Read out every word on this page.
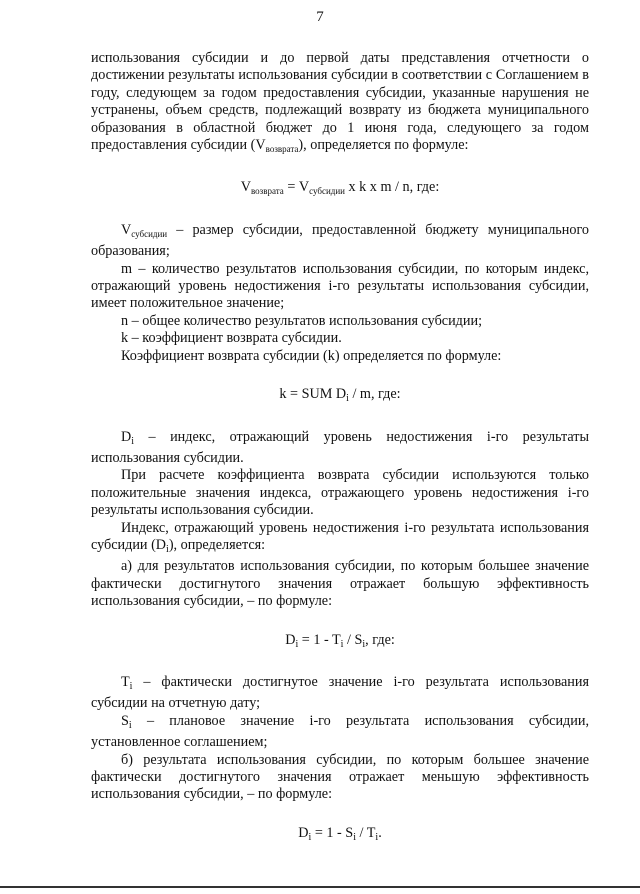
7

использования субсидии и до первой даты представления отчетности о достижении результаты использования субсидии в соответствии с Соглашением в году, следующем за годом предоставления субсидии, указанные нарушения не устранены, объем средств, подлежащий возврату из бюджета муниципального образования в областной бюджет до 1 июня года, следующего за годом предоставления субсидии $(V_{возврата})$, определяется по формуле:

$V_{возврата} = V_{субсидии}$ x k x m / n, где:

$V_{субсидии}$ – размер субсидии, предоставленной бюджету муниципального образования;

m – количество результатов использования субсидии, по которым индекс, отражающий уровень недостижения i-го результаты использования субсидии, имеет положительное значение;

n – общее количество результатов использования субсидии;

k – коэффициент возврата субсидии.

Коэффициент возврата субсидии (k) определяется по формуле:

k = SUM $D_i$ / m, где:

$D_i$ – индекс, отражающий уровень недостижения i-го результаты использования субсидии.

При расчете коэффициента возврата субсидии используются только положительные значения индекса, отражающего уровень недостижения i-го результаты использования субсидии.

Индекс, отражающий уровень недостижения i-го результата использования субсидии $(D_i)$, определяется:

а) для результатов использования субсидии, по которым большее значение фактически достигнутого значения отражает большую эффективность использования субсидии, – по формуле:

$D_i = 1 - T_i / S_i$, где:

$T_i$ – фактически достигнутое значение i-го результата использования субсидии на отчетную дату;

$S_i$ – плановое значение i-го результата использования субсидии, установленное соглашением;

б) результата использования субсидии, по которым большее значение фактически достигнутого значения отражает меньшую эффективность использования субсидии, – по формуле:

$D_i = 1 - S_i / T_i$.
